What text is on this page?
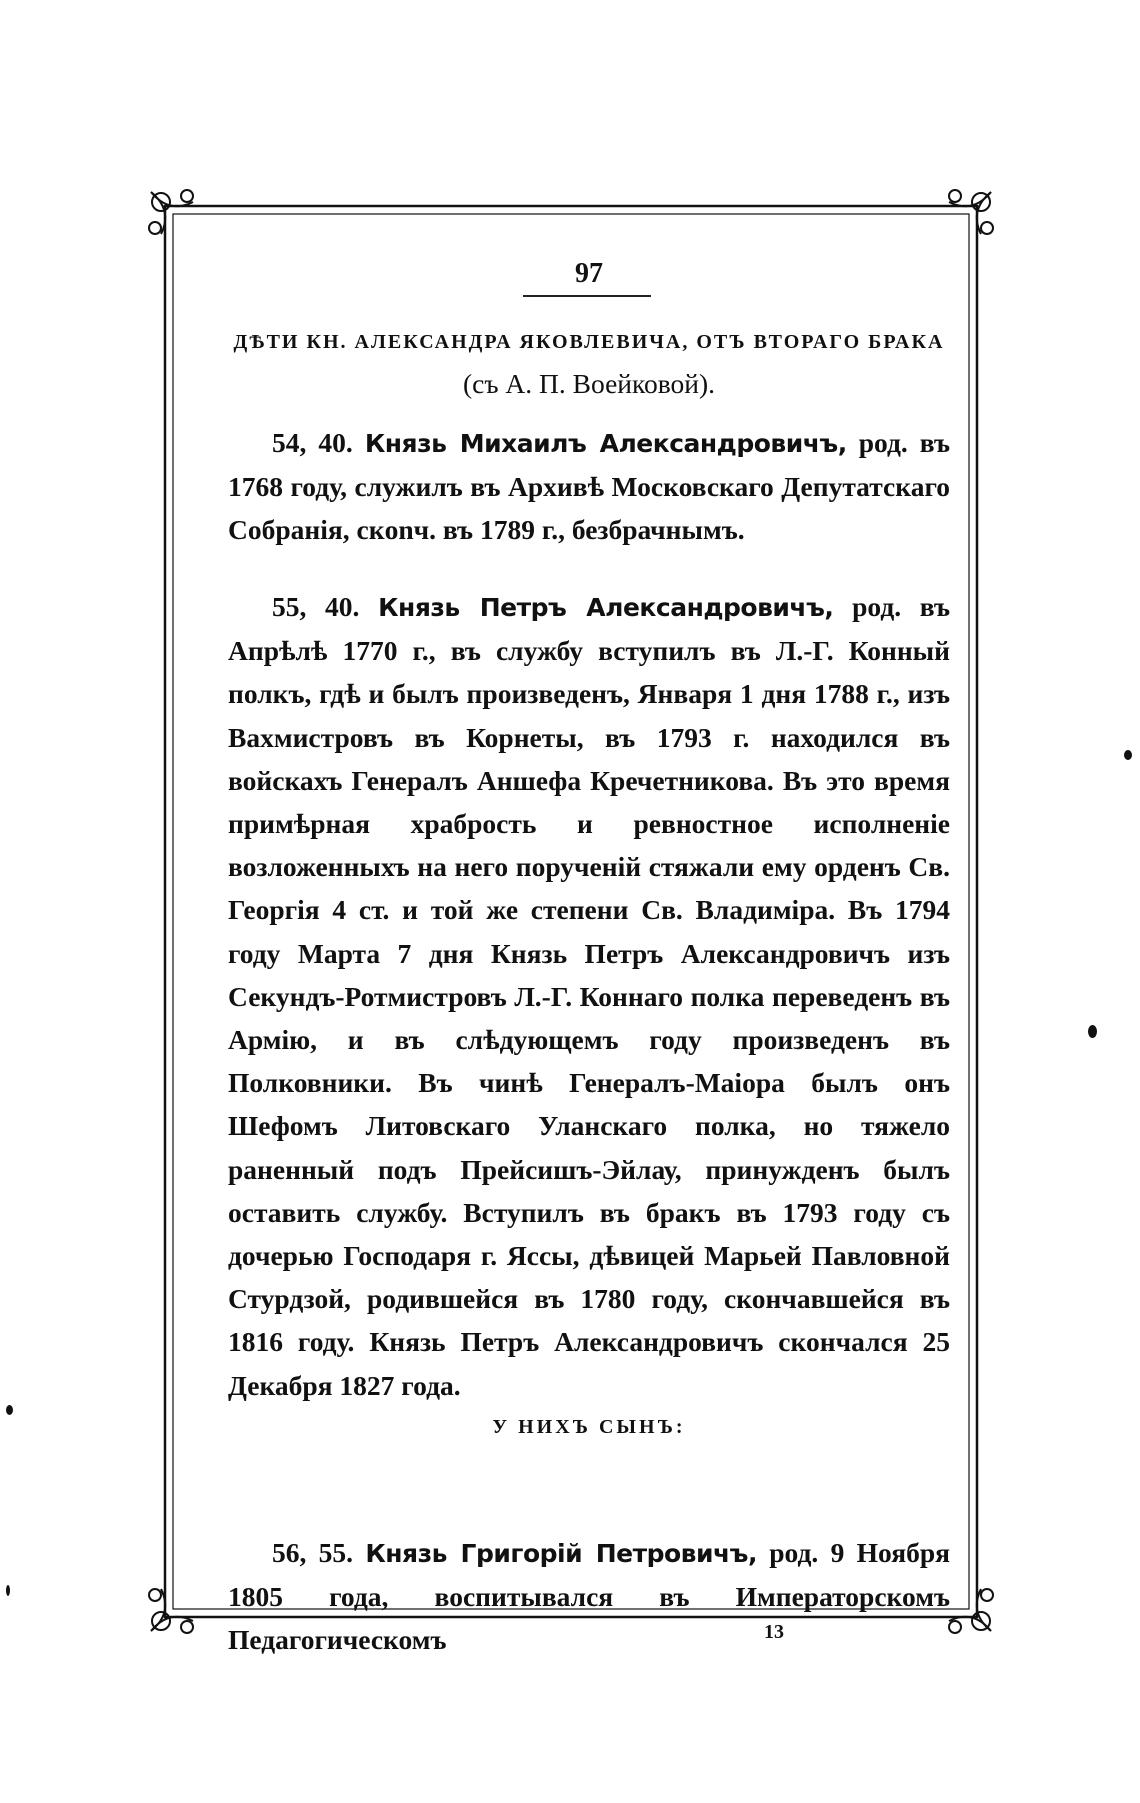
97
ДѢТИ КН. АЛЕКСАНДРА ЯКОВЛЕВИЧА, ОТЪ ВТОРАГО БРАКА
(съ А. П. Воейковой).

54, 40. Князь Михаилъ Александровичъ, род. въ 1768 году, служилъ въ Архивѣ Московскаго Депутатскаго Собранія, скonч. въ 1789 г., безбрачнымъ.

55, 40. Князь Петръ Александровичъ, род. въ Апрѣлѣ 1770 г., въ службу вступилъ въ Л.-Г. Конный полкъ, гдѣ и былъ произведенъ, Января 1 дня 1788 г., изъ Вахмистровъ въ Корнеты, въ 1793 г. находился въ войскахъ Генералъ Аншефа Кречетникова. Въ это время примѣрная храбрость и ревностное исполненіе возложенныхъ на него порученій стяжали ему орденъ Св. Георгія 4 ст. и той же степени Св. Владиміра. Въ 1794 году Марта 7 дня Князь Петръ Александровичъ изъ Секундъ-Ротмистровъ Л.-Г. Коннаго полка переведенъ въ Армію, и въ слѣдующемъ году произведенъ въ Полковники. Въ чинѣ Генералъ-Маіора былъ онъ Шефомъ Литовскаго Уланскаго полка, но тяжело раненный подъ Прейсишъ-Эйлау, принужденъ былъ оставить службу. Вступилъ въ бракъ въ 1793 году съ дочерью Господаря г. Яссы, дѣвицей Марьей Павловной Стурдзой, родившейся въ 1780 году, скончавшейся въ 1816 году. Князь Петръ Александровичъ скончался 25 Декабря 1827 года.

У НИХЪ СЫНЪ:

56, 55. Князь Григорій Петровичъ, род. 9 Ноября 1805 года, воспитывался въ Императорскомъ Педагогическомъ	13
